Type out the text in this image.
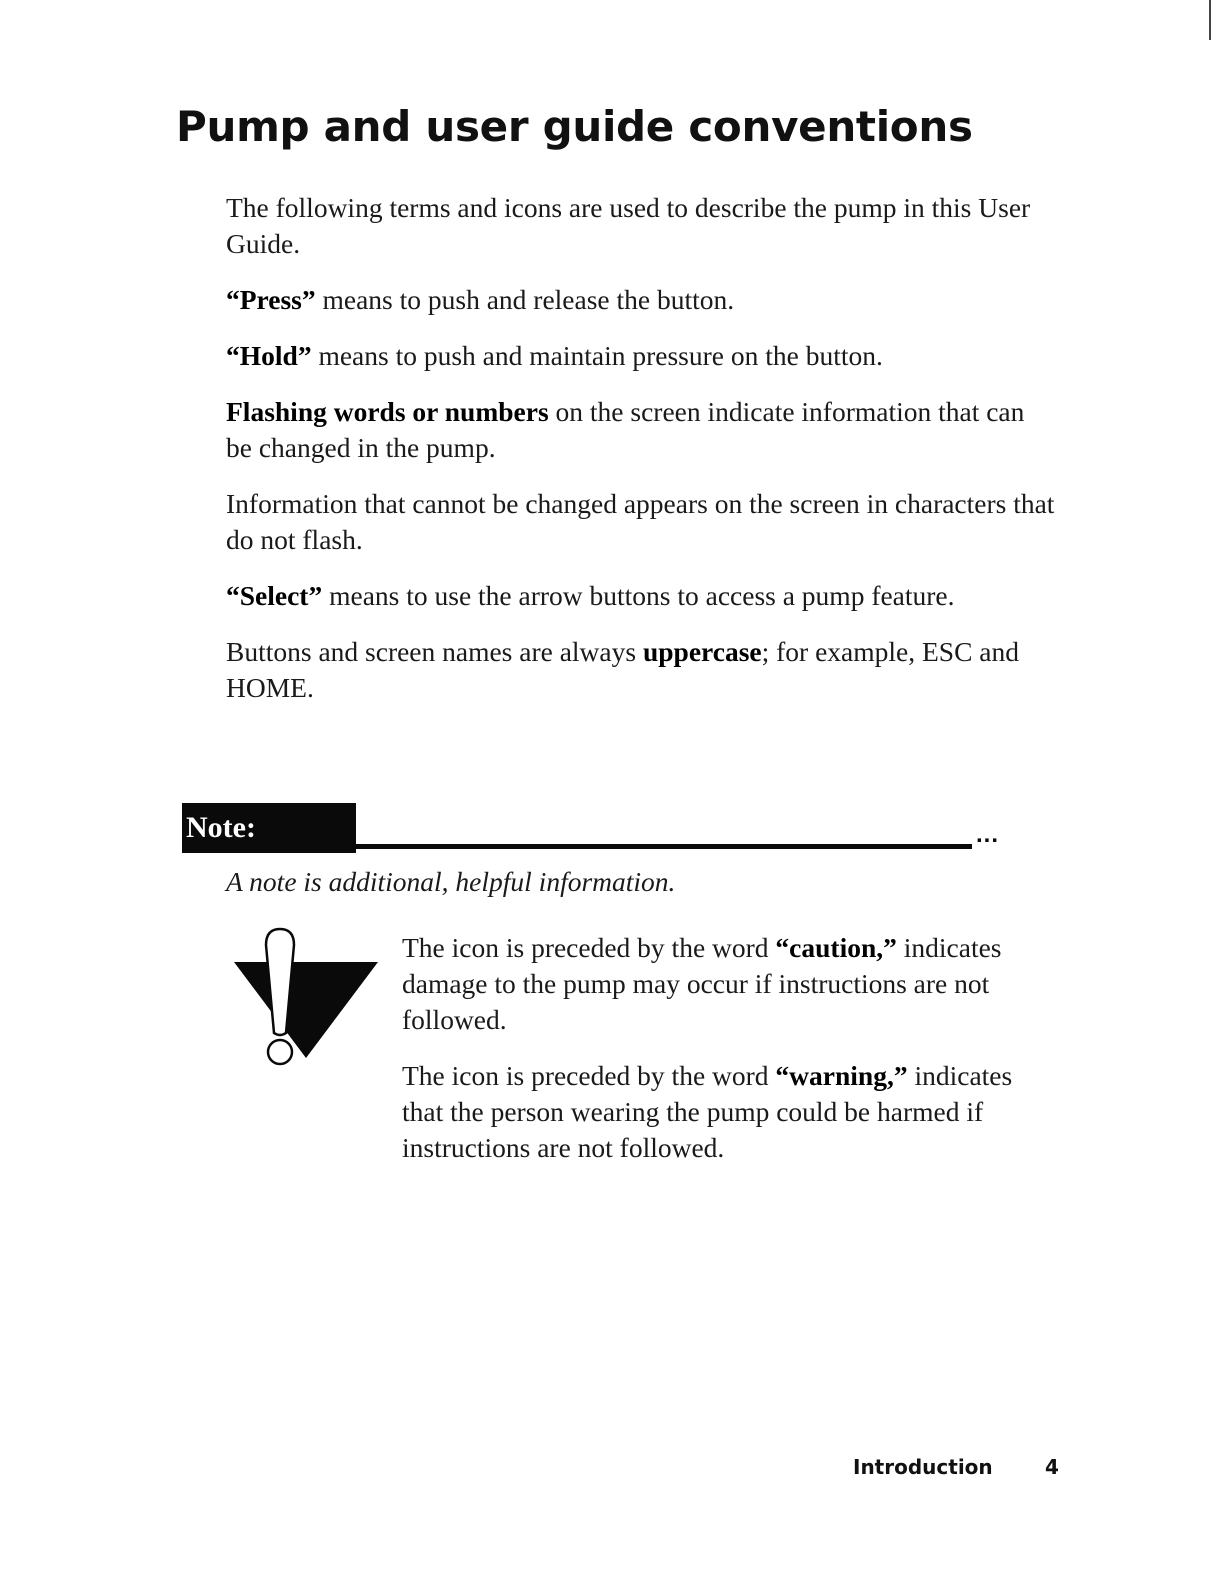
Pump and user guide conventions

The following terms and icons are used to describe the pump in this User Guide.

“Press” means to push and release the button.

“Hold” means to push and maintain pressure on the button.

Flashing words or numbers on the screen indicate information that can be changed in the pump.

Information that cannot be changed appears on the screen in characters that do not flash.

“Select” means to use the arrow buttons to access a pump feature.

Buttons and screen names are always uppercase; for example, ESC and HOME.

Note:	...

A note is additional, helpful information.

The icon is preceded by the word “caution,” indicates damage to the pump may occur if instructions are not followed.

The icon is preceded by the word “warning,” indicates that the person wearing the pump could be harmed if instructions are not followed.

Introduction	4
